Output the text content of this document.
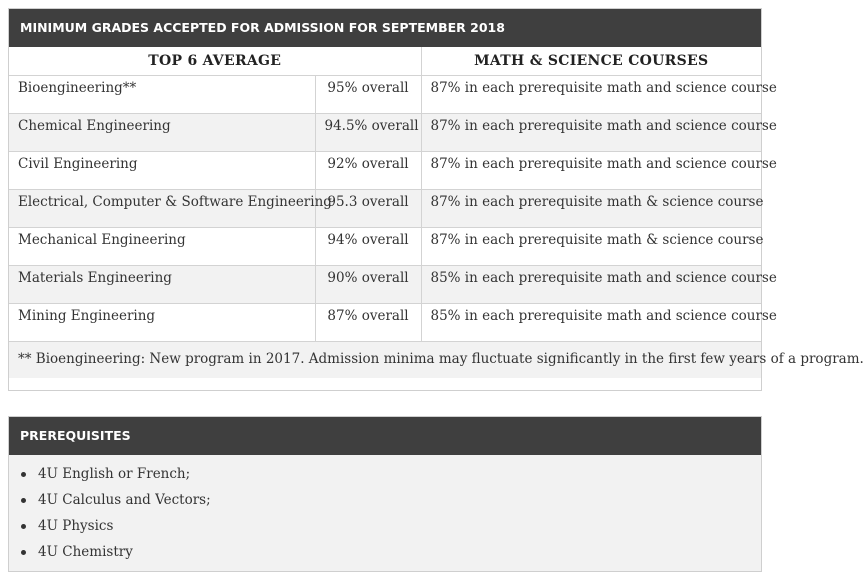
MINIMUM GRADES ACCEPTED FOR ADMISSION FOR SEPTEMBER 2018
TOP 6 AVERAGE		MATH & SCIENCE COURSES
Bioengineering**	95% overall	87% in each prerequisite math and science course
Chemical Engineering	94.5% overall	87% in each prerequisite math and science course
Civil Engineering	92% overall	87% in each prerequisite math and science course
Electrical, Computer & Software Engineering	95.3 overall	87% in each prerequisite math & science course
Mechanical Engineering	94% overall	87% in each prerequisite math & science course
Materials Engineering	90% overall	85% in each prerequisite math and science course
Mining Engineering	87% overall	85% in each prerequisite math and science course
** Bioengineering: New program in 2017. Admission minima may fluctuate significantly in the first few years of a program.		
PREREQUISITES
4U English or French;
4U Calculus and Vectors;
4U Physics
4U Chemistry
